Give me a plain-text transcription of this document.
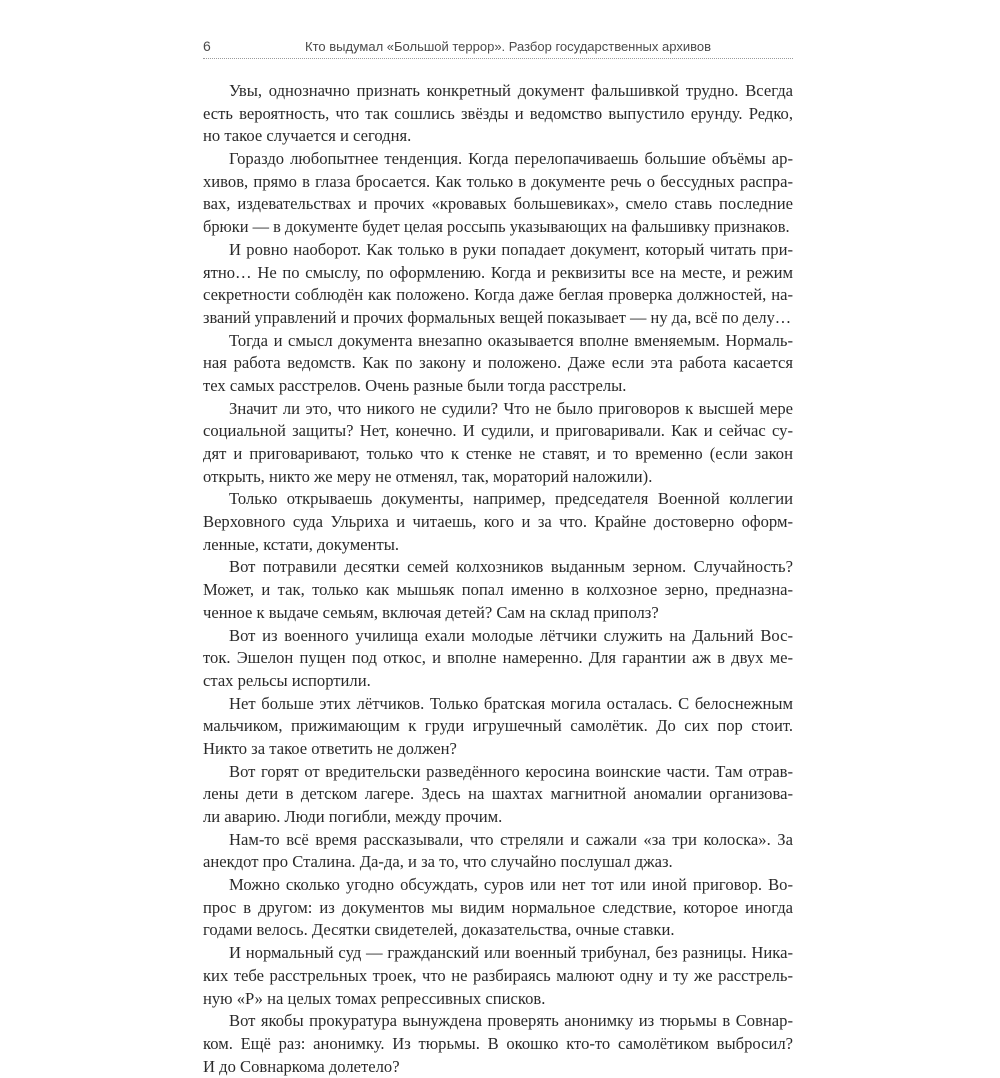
6	Кто выдумал «Большой террор». Разбор государственных архивов
Увы, однозначно признать конкретный документ фальшивкой трудно. Всегда
есть вероятность, что так сошлись звёзды и ведомство выпустило ерунду. Редко,
но такое случается и сегодня.
Гораздо любопытнее тенденция. Когда перелопачиваешь большие объёмы ар-
хивов, прямо в глаза бросается. Как только в документе речь о бессудных распра-
вах, издевательствах и прочих «кровавых большевиках», смело ставь последние
брюки — в документе будет целая россыпь указывающих на фальшивку признаков.
И ровно наоборот. Как только в руки попадает документ, который читать при-
ятно… Не по смыслу, по оформлению. Когда и реквизиты все на месте, и режим
секретности соблюдён как положено. Когда даже беглая проверка должностей, на-
званий управлений и прочих формальных вещей показывает — ну да, всё по делу…
Тогда и смысл документа внезапно оказывается вполне вменяемым. Нормаль-
ная работа ведомств. Как по закону и положено. Даже если эта работа касается
тех самых расстрелов. Очень разные были тогда расстрелы.
Значит ли это, что никого не судили? Что не было приговоров к высшей мере
социальной защиты? Нет, конечно. И судили, и приговаривали. Как и сейчас су-
дят и приговаривают, только что к стенке не ставят, и то временно (если закон
открыть, никто же меру не отменял, так, мораторий наложили).
Только открываешь документы, например, председателя Военной коллегии
Верховного суда Ульриха и читаешь, кого и за что. Крайне достоверно оформ-
ленные, кстати, документы.
Вот потравили десятки семей колхозников выданным зерном. Случайность?
Может, и так, только как мышьяк попал именно в колхозное зерно, предназна-
ченное к выдаче семьям, включая детей? Сам на склад приполз?
Вот из военного училища ехали молодые лётчики служить на Дальний Вос-
ток. Эшелон пущен под откос, и вполне намеренно. Для гарантии аж в двух ме-
стах рельсы испортили.
Нет больше этих лётчиков. Только братская могила осталась. С белоснежным
мальчиком, прижимающим к груди игрушечный самолётик. До сих пор стоит.
Никто за такое ответить не должен?
Вот горят от вредительски разведённого керосина воинские части. Там отрав-
лены дети в детском лагере. Здесь на шахтах магнитной аномалии организова-
ли аварию. Люди погибли, между прочим.
Нам-то всё время рассказывали, что стреляли и сажали «за три колоска». За
анекдот про Сталина. Да-да, и за то, что случайно послушал джаз.
Можно сколько угодно обсуждать, суров или нет тот или иной приговор. Во-
прос в другом: из документов мы видим нормальное следствие, которое иногда
годами велось. Десятки свидетелей, доказательства, очные ставки.
И нормальный суд — гражданский или военный трибунал, без разницы. Ника-
ких тебе расстрельных троек, что не разбираясь малюют одну и ту же расстрель-
ную «Р» на целых томах репрессивных списков.
Вот якобы прокуратура вынуждена проверять анонимку из тюрьмы в Совнар-
ком. Ещё раз: анонимку. Из тюрьмы. В окошко кто-то самолётиком выбросил?
И до Совнаркома долетело?
